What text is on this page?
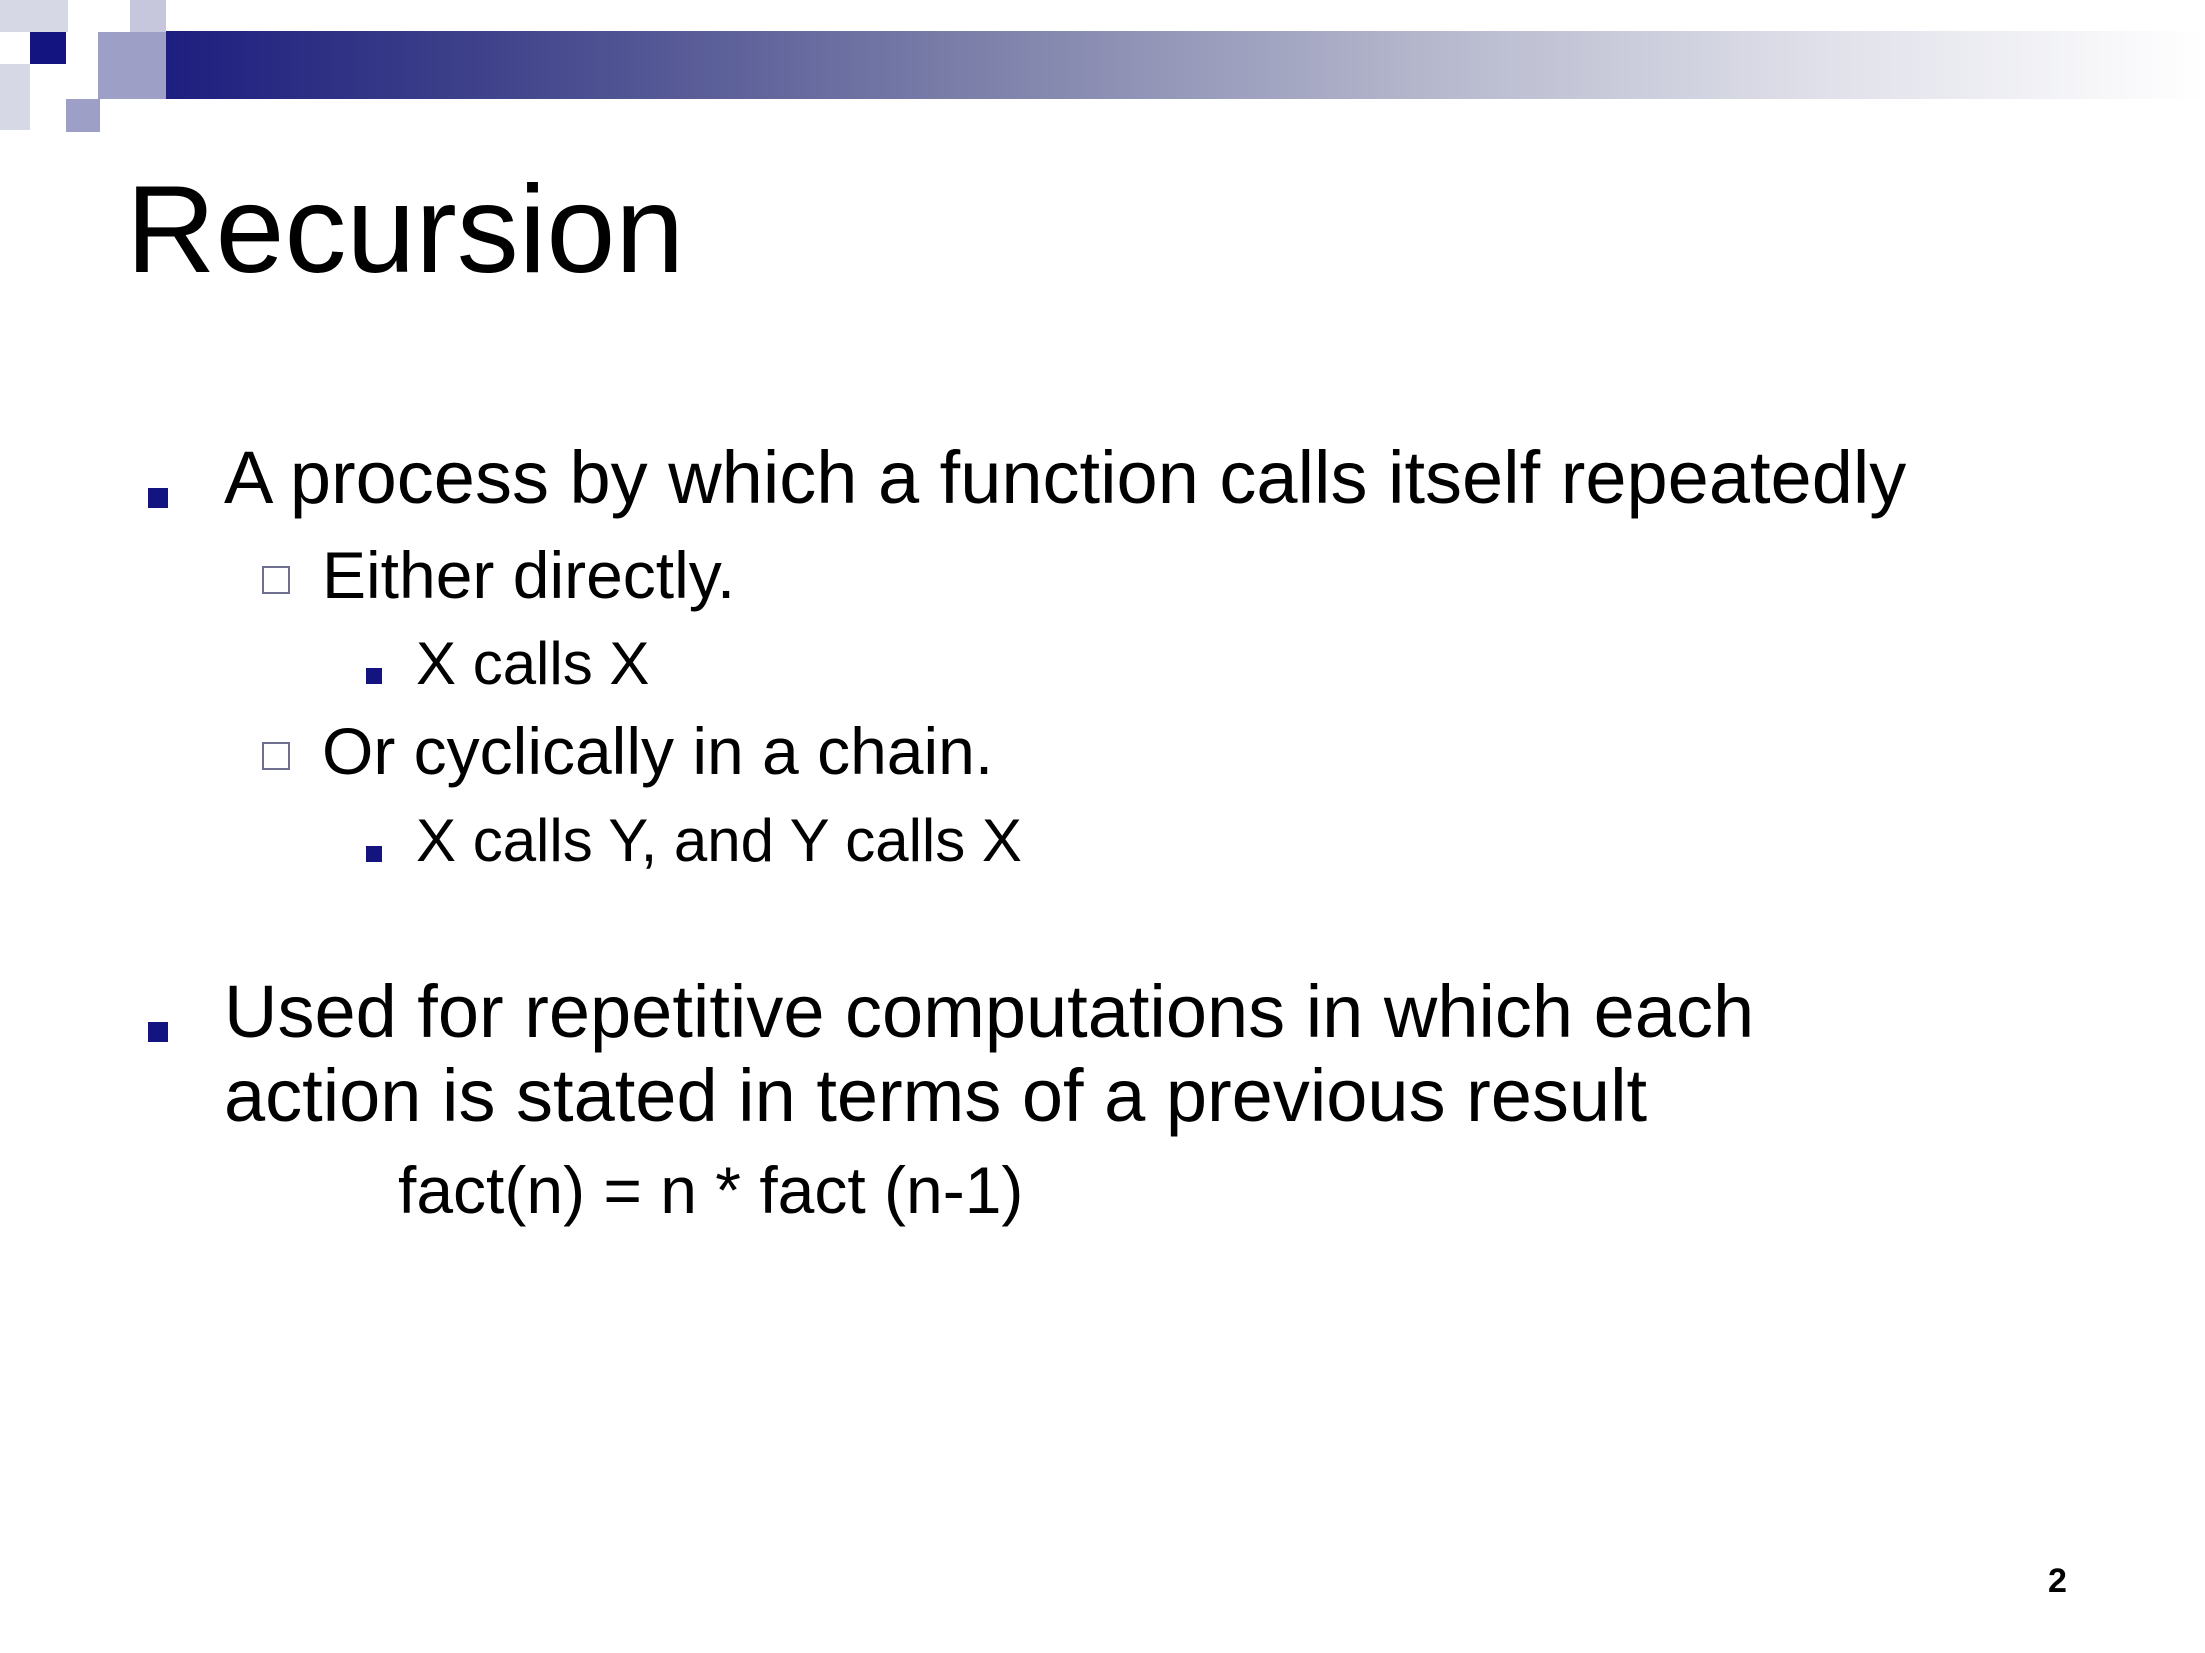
Recursion
A process by which a function calls itself repeatedly
Either directly.
X calls X
Or cyclically in a chain.
X calls Y, and Y calls X
Used for repetitive computations in which each
action is stated in terms of a previous result
fact(n) = n * fact (n-1)
2
